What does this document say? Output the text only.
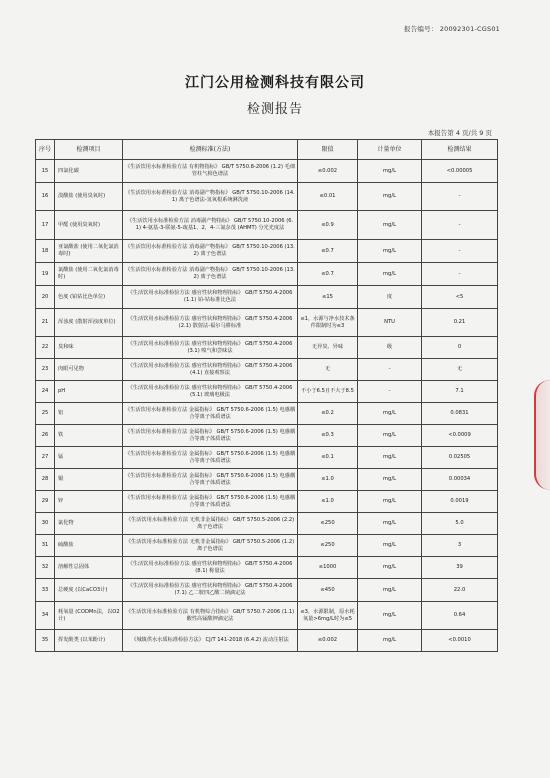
报告编号： 20092301-CGS01
江门公用检测科技有限公司
检测报告
本报告第 4 页/共 9 页
序号	检测项目	检测标准(方法)	限值	计量单位	检测结果
15	四氯化碳	《生活饮用水标准检验方法 有机物指标》 GB/T 5750.8-2006 (1.2) 毛细管柱气相色谱法	≤0.002	mg/L	<0.00005
16	溴酸盐 (使用臭氧时)	《生活饮用水标准检验方法 消毒副产物指标》 GB/T 5750.10-2006 (14.1) 离子色谱法-氢氧根系统淋洗液	≤0.01	mg/L	-
17	甲醛 (使用臭氧时)	《生活饮用水标准检验方法 消毒副产物指标》 GB/T 5750.10-2006 (6.1) 4-氨基-3-联氨-5-巯基1，2，4-三氮杂茂 (AHMT) 分光光度法	≤0.9	mg/L	-
18	亚氯酸盐 (使用二氧化氯消毒时)	《生活饮用水标准检验方法 消毒副产物指标》 GB/T 5750.10-2006 (13.2) 离子色谱法	≤0.7	mg/L	-
19	氯酸盐 (使用二氧化氯消毒时)	《生活饮用水标准检验方法 消毒副产物指标》 GB/T 5750.10-2006 (13.2) 离子色谱法	≤0.7	mg/L	-
20	色度 (铂钴比色单位)	《生活饮用水标准检验方法 感官性状和物理指标》 GB/T 5750.4-2006 (1.1) 铂-钴标准比色法	≤15	度	<5
21	浑浊度 (散射浑浊度单位)	《生活饮用水标准检验方法 感官性状和物理指标》 GB/T 5750.4-2006 (2.1) 散射法-福尔马肼标准	≤1，水源与净水技术条件限制时为≤3	NTU	0.21
22	臭和味	《生活饮用水标准检验方法 感官性状和物理指标》 GB/T 5750.4-2006 (3.1) 嗅气和尝味法	无异臭、异味	级	0
23	肉眼可见物	《生活饮用水标准检验方法 感官性状和物理指标》 GB/T 5750.4-2006 (4.1) 直接观察法	无	-	无
24	pH	《生活饮用水标准检验方法 感官性状和物理指标》 GB/T 5750.4-2006 (5.1) 玻璃电极法	不小于6.5且不大于8.5	-	7.1
25	铝	《生活饮用水标准检验方法 金属指标》 GB/T 5750.6-2006 (1.5) 电感耦合等离子体质谱法	≤0.2	mg/L	0.0831
26	铁	《生活饮用水标准检验方法 金属指标》 GB/T 5750.6-2006 (1.5) 电感耦合等离子体质谱法	≤0.3	mg/L	<0.0009
27	锰	《生活饮用水标准检验方法 金属指标》 GB/T 5750.6-2006 (1.5) 电感耦合等离子体质谱法	≤0.1	mg/L	0.02505
28	铜	《生活饮用水标准检验方法 金属指标》 GB/T 5750.6-2006 (1.5) 电感耦合等离子体质谱法	≤1.0	mg/L	0.00034
29	锌	《生活饮用水标准检验方法 金属指标》 GB/T 5750.6-2006 (1.5) 电感耦合等离子体质谱法	≤1.0	mg/L	0.0019
30	氯化物	《生活饮用水标准检验方法 无机非金属指标》 GB/T 5750.5-2006 (2.2) 离子色谱法	≤250	mg/L	5.0
31	硫酸盐	《生活饮用水标准检验方法 无机非金属指标》 GB/T 5750.5-2006 (1.2) 离子色谱法	≤250	mg/L	3
32	溶解性总固体	《生活饮用水标准检验方法 感官性状和物理指标》 GB/T 5750.4-2006 (8.1) 称量法	≤1000	mg/L	39
33	总硬度 (以CaCO3计)	《生活饮用水标准检验方法 感官性状和物理指标》 GB/T 5750.4-2006 (7.1) 乙二胺四乙酸二钠滴定法	≤450	mg/L	22.0
34	耗氧量 (CODMn法，以O2计)	《生活饮用水标准检验方法 有机物综合指标》 GB/T 5750.7-2006 (1.1) 酸性高锰酸钾滴定法	≤3，水源限制，原水耗氧量>6mg/L时为≤5	mg/L	0.64
35	挥发酚类 (以苯酚计)	《城镇供水水质标准检验方法》 CJ/T 141-2018 (6.4.2) 流动注射法	≤0.002	mg/L	<0.0010
